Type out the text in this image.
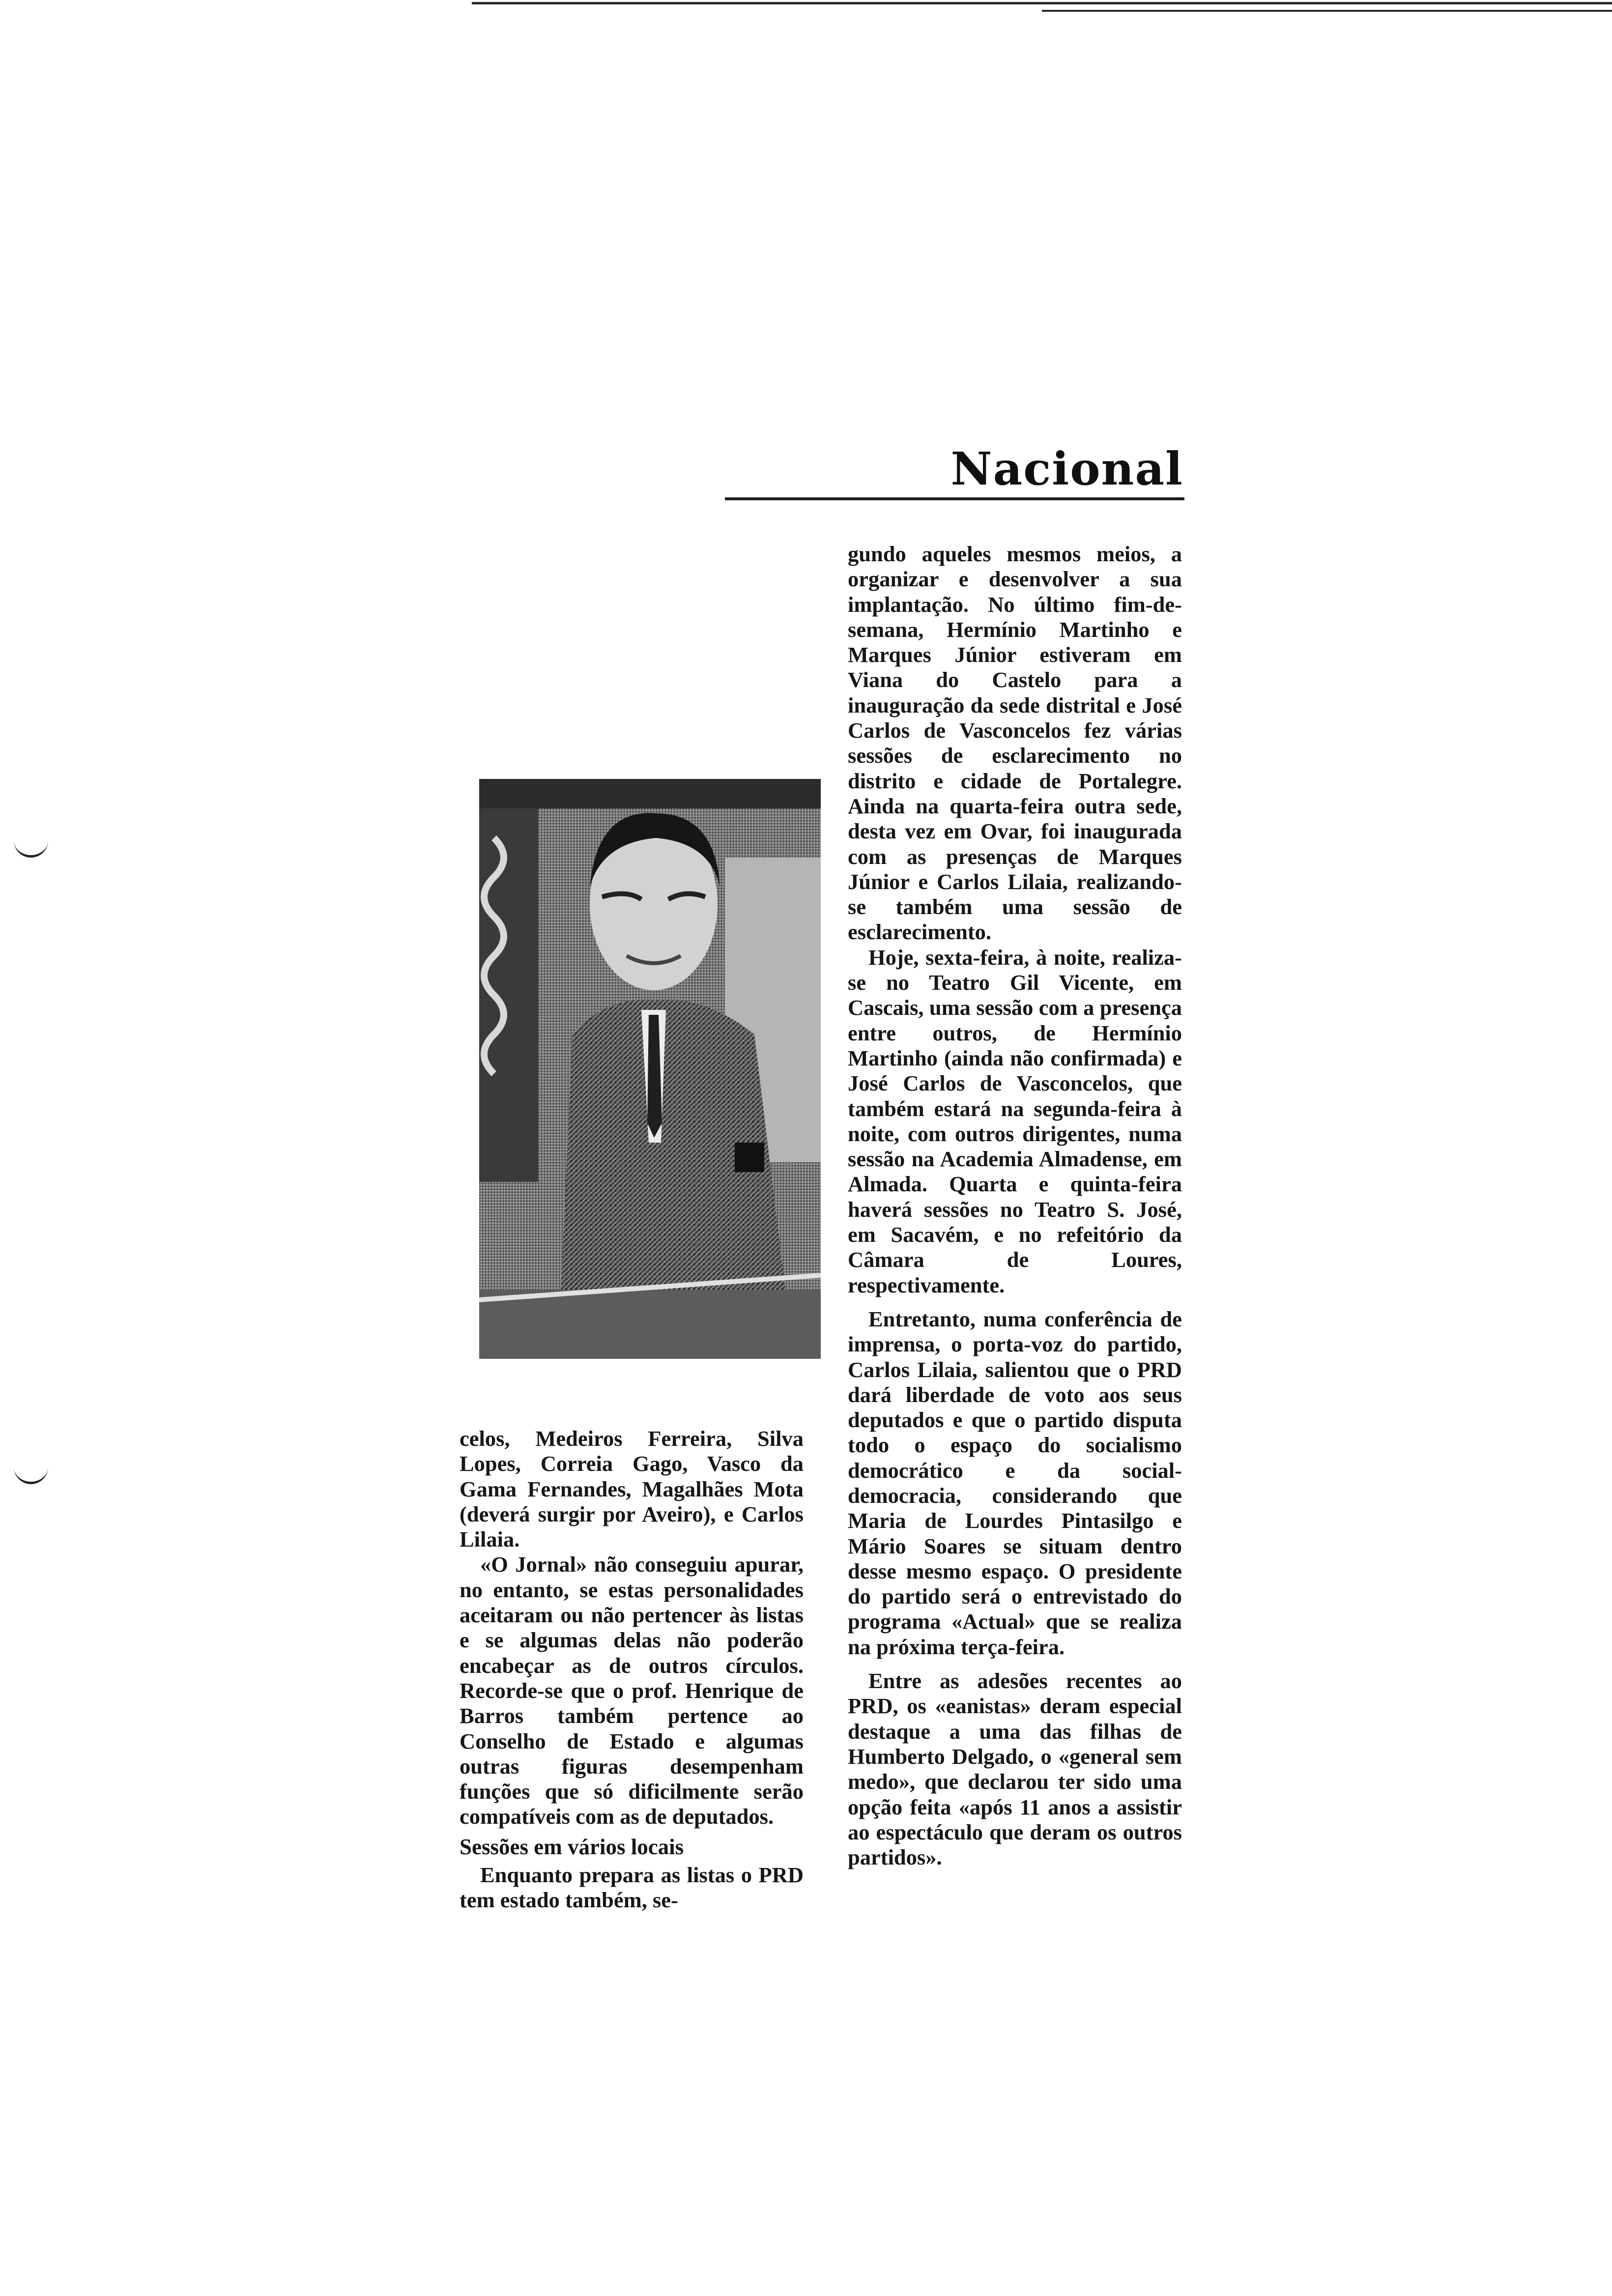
Nacional

gundo aqueles mesmos meios, a organizar e desenvolver a sua implantação. No último fim-de-semana, Hermínio Martinho e Marques Júnior estiveram em Viana do Castelo para a inauguração da sede distrital e José Carlos de Vasconcelos fez várias sessões de esclarecimento no distrito e cidade de Portalegre. Ainda na quarta-feira outra sede, desta vez em Ovar, foi inaugurada com as presenças de Marques Júnior e Carlos Lilaia, realizando-se também uma sessão de esclarecimento.

Hoje, sexta-feira, à noite, realiza-se no Teatro Gil Vicente, em Cascais, uma sessão com a presença entre outros, de Hermínio Martinho (ainda não confirmada) e José Carlos de Vasconcelos, que também estará na segunda-feira à noite, com outros dirigentes, numa sessão na Academia Almadense, em Almada. Quarta e quinta-feira haverá sessões no Teatro S. José, em Sacavém, e no refeitório da Câmara de Loures, respectivamente.

Entretanto, numa conferência de imprensa, o porta-voz do partido, Carlos Lilaia, salientou que o PRD dará liberdade de voto aos seus deputados e que o partido disputa todo o espaço do socialismo democrático e da social-democracia, considerando que Maria de Lourdes Pintasilgo e Mário Soares se situam dentro desse mesmo espaço. O presidente do partido será o entrevistado do programa «Actual» que se realiza na próxima terça-feira.

Entre as adesões recentes ao PRD, os «eanistas» deram especial destaque a uma das filhas de Humberto Delgado, o «general sem medo», que declarou ter sido uma opção feita «após 11 anos a assistir ao espectáculo que deram os outros partidos».

celos, Medeiros Ferreira, Silva Lopes, Correia Gago, Vasco da Gama Fernandes, Magalhães Mota (deverá surgir por Aveiro), e Carlos Lilaia.

«O Jornal» não conseguiu apurar, no entanto, se estas personalidades aceitaram ou não pertencer às listas e se algumas delas não poderão encabeçar as de outros círculos. Recorde-se que o prof. Henrique de Barros também pertence ao Conselho de Estado e algumas outras figuras desempenham funções que só dificilmente serão compatíveis com as de deputados.

Sessões em vários locais

Enquanto prepara as listas o PRD tem estado também, se-
